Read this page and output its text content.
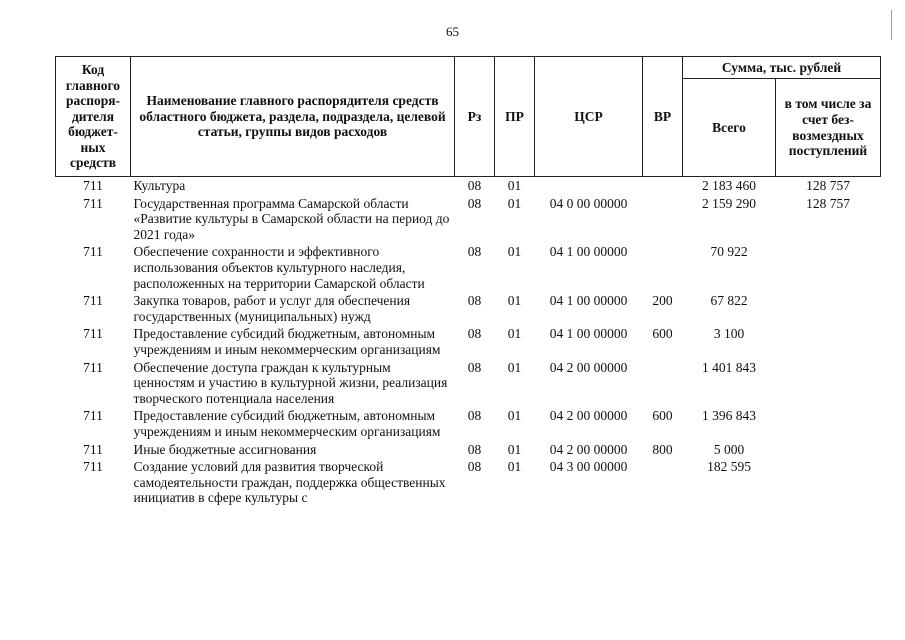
65
Код главного распоря-дителя бюджет-ных средств	Наименование главного распорядителя средств областного бюджета, раздела, подраздела, целевой статьи, группы видов расходов	Рз	ПР	ЦСР	ВР	Сумма, тыс. рублей	
						Всего	в том числе за счет без-возмездных поступлений
711	Культура	08	01			2 183 460	128 757
711	Государственная программа Самарской области «Развитие культуры в Самарской области на период до 2021 года»	08	01	04 0 00 00000		2 159 290	128 757
711	Обеспечение сохранности и эффективного использования объектов культурного наследия, расположенных на территории Самарской области	08	01	04 1 00 00000		70 922	
711	Закупка товаров, работ и услуг для обеспечения государственных (муниципальных) нужд	08	01	04 1 00 00000	200	67 822	
711	Предоставление субсидий бюджетным, автономным учреждениям и иным некоммерческим организациям	08	01	04 1 00 00000	600	3 100	
711	Обеспечение доступа граждан к культурным ценностям и участию в культурной жизни, реализация творческого потенциала населения	08	01	04 2 00 00000		1 401 843	
711	Предоставление субсидий бюджетным, автономным учреждениям и иным некоммерческим организациям	08	01	04 2 00 00000	600	1 396 843	
711	Иные бюджетные ассигнования	08	01	04 2 00 00000	800	5 000	
711	Создание условий для развития творческой самодеятельности граждан, поддержка общественных инициатив в сфере культуры с	08	01	04 3 00 00000		182 595	
